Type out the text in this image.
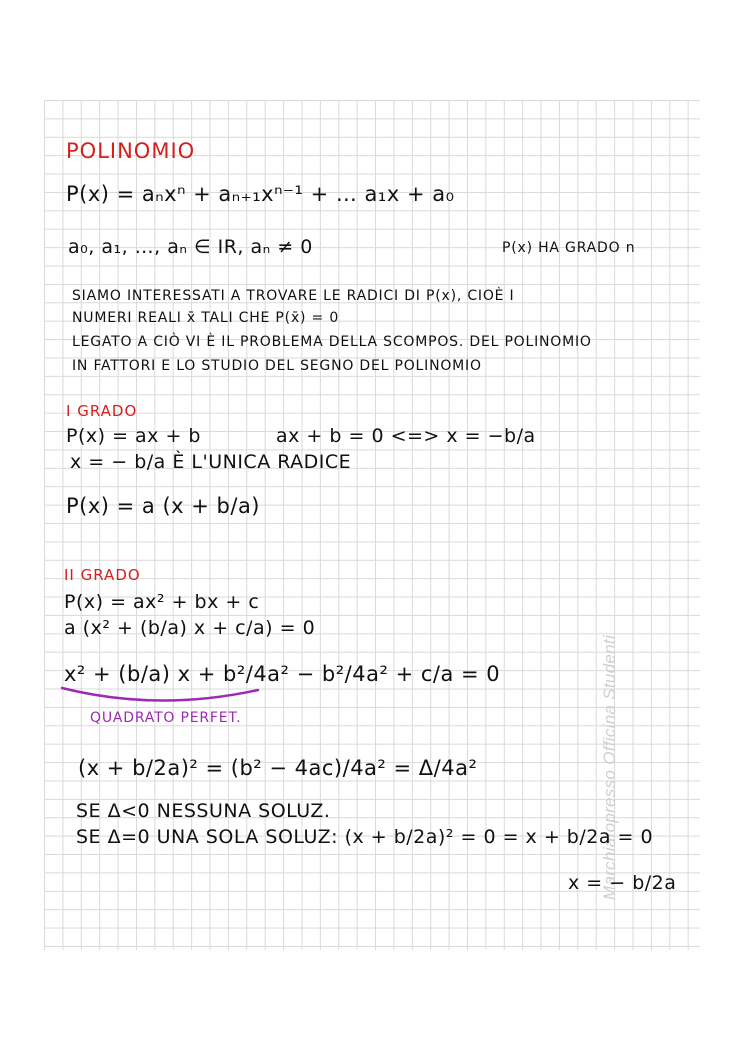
Marchiatopresso Officina Studenti
POLINOMIO
P(x) = aₙxⁿ + aₙ₊₁xⁿ⁻¹ + … a₁x + a₀
a₀, a₁, …, aₙ ∈ IR, aₙ ≠ 0	P(x) HA GRADO n
SIAMO INTERESSATI A TROVARE LE RADICI DI P(x), CIOÈ I
NUMERI REALI x̄ TALI CHE P(x̄) = 0
LEGATO A CIÒ VI È IL PROBLEMA DELLA SCOMPOS. DEL POLINOMIO
IN FATTORI E LO STUDIO DEL SEGNO DEL POLINOMIO
I GRADO
P(x) = ax + b	ax + b = 0 <=> x = −b/a
x = − b/a È L'UNICA RADICE
P(x) = a (x + b/a)
II GRADO
P(x) = ax² + bx + c
a (x² + (b/a) x + c/a) = 0
x² + (b/a) x + b²/4a² − b²/4a² + c/a = 0
QUADRATO PERFET.
(x + b/2a)² = (b² − 4ac)/4a² = Δ/4a²
SE Δ<0 NESSUNA SOLUZ.
SE Δ=0 UNA SOLA SOLUZ: (x + b/2a)² = 0 = x + b/2a = 0
x = − b/2a
